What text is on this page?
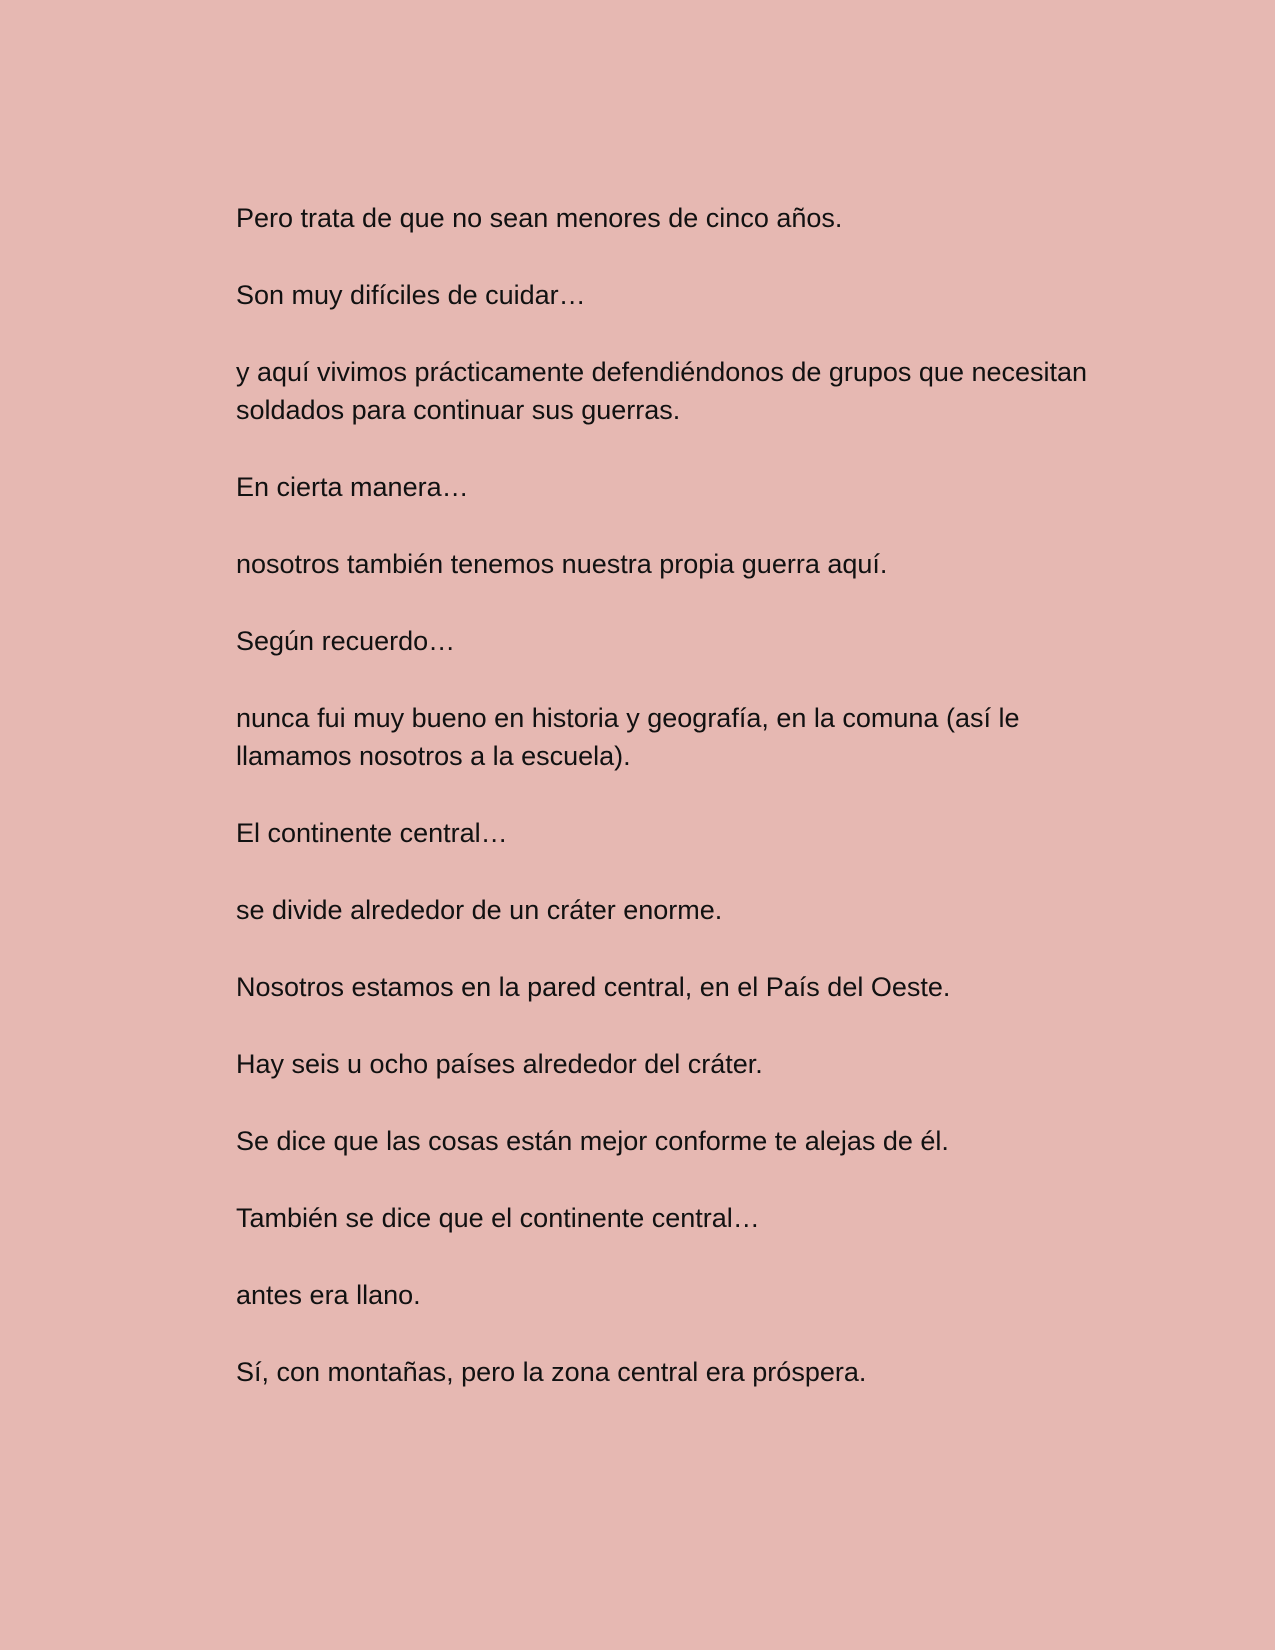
Pero trata de que no sean menores de cinco años.

Son muy difíciles de cuidar…

y aquí vivimos prácticamente defendiéndonos de grupos que necesitan soldados para continuar sus guerras.

En cierta manera…

nosotros también tenemos nuestra propia guerra aquí.

Según recuerdo…

nunca fui muy bueno en historia y geografía, en la comuna (así le llamamos nosotros a la escuela).

El continente central…

se divide alrededor de un cráter enorme.

Nosotros estamos en la pared central, en el País del Oeste.

Hay seis u ocho países alrededor del cráter.

Se dice que las cosas están mejor conforme te alejas de él.

También se dice que el continente central…

antes era llano.

Sí, con montañas, pero la zona central era próspera.
